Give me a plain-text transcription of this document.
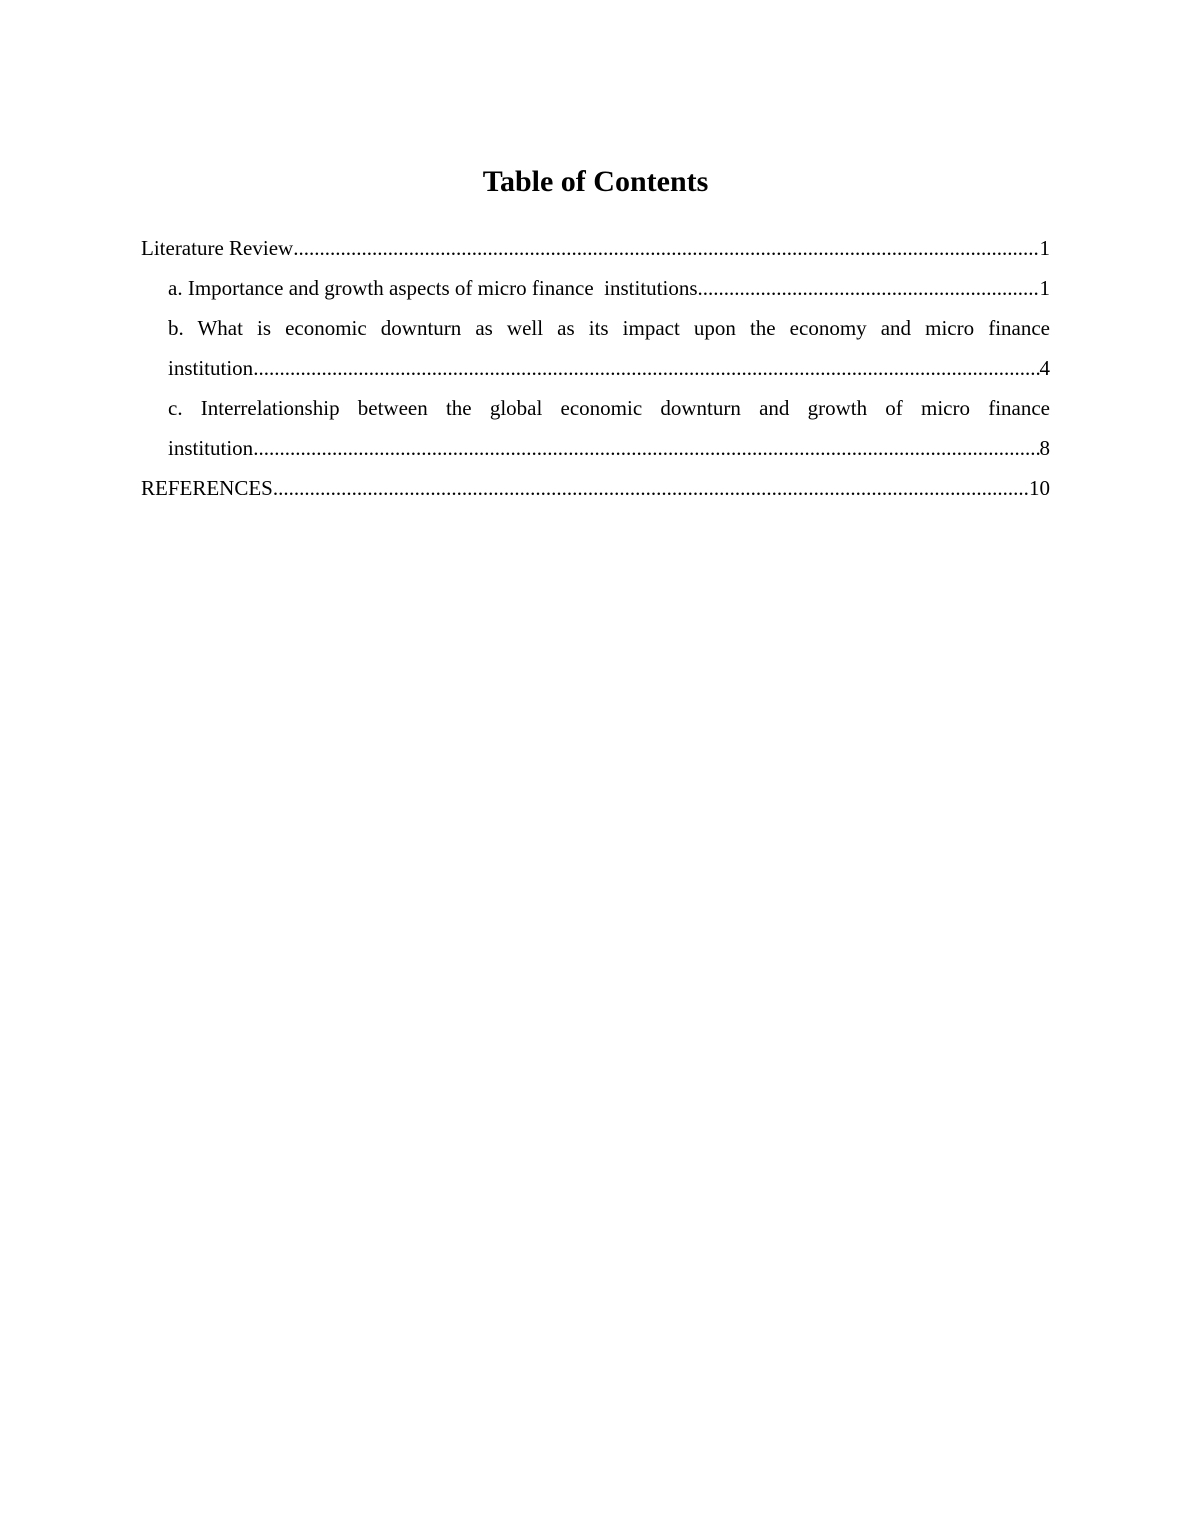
Table of Contents
Literature Review .....	1
a. Importance and growth aspects of micro finance  institutions .....	1
b. What is economic downturn as well as its impact upon the economy and micro finance
institution .....	4
c. Interrelationship between the global economic downturn and growth of micro finance
institution .....	8
REFERENCES .....	10
